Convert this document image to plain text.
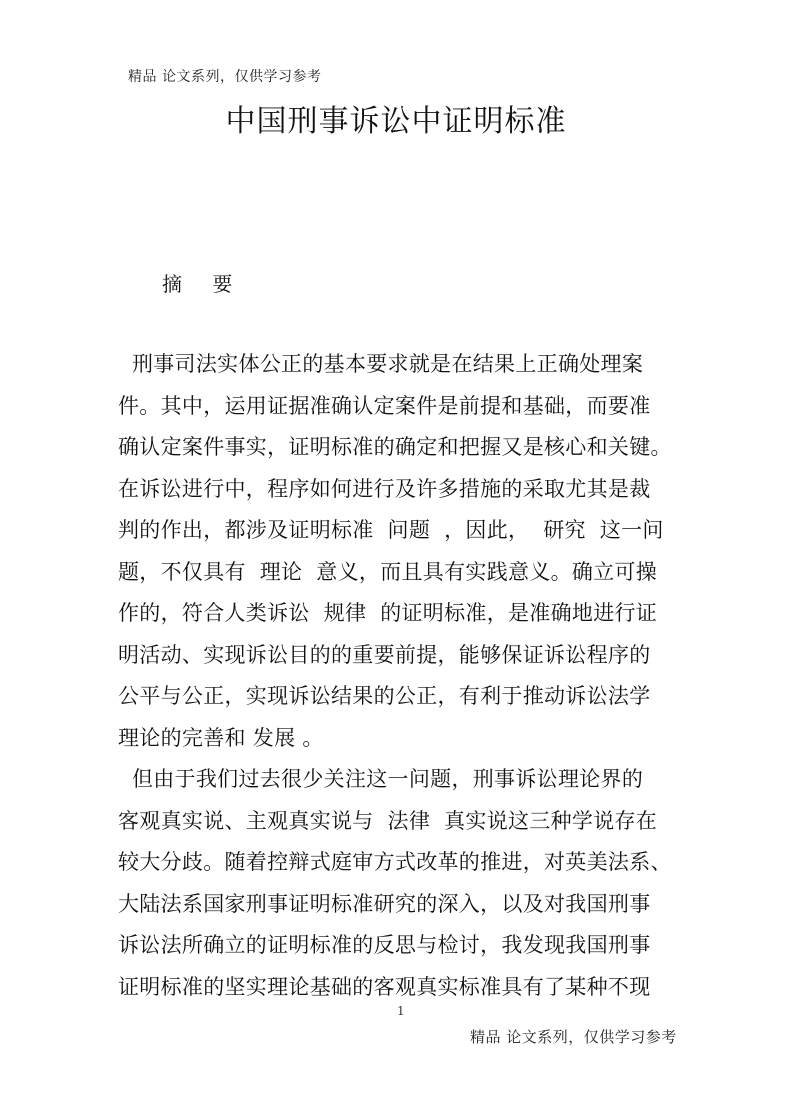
精品 论文系列，仅供学习参考
中国刑事诉讼中证明标准
摘 要
刑事司法实体公正的基本要求就是在结果上正确处理案
件。其中，运用证据准确认定案件是前提和基础，而要准
确认定案件事实，证明标准的确定和把握又是核心和关键。
在诉讼进行中，程序如何进行及许多措施的采取尤其是裁
判的作出，都涉及证明标准  问题  ，因此，  研究  这一问
题，不仅具有  理论  意义，而且具有实践意义。确立可操
作的，符合人类诉讼  规律  的证明标准，是准确地进行证
明活动、实现诉讼目的的重要前提，能够保证诉讼程序的
公平与公正，实现诉讼结果的公正，有利于推动诉讼法学
理论的完善和 发展 。
但由于我们过去很少关注这一问题，刑事诉讼理论界的
客观真实说、主观真实说与  法律  真实说这三种学说存在
较大分歧。随着控辩式庭审方式改革的推进，对英美法系、
大陆法系国家刑事证明标准研究的深入，以及对我国刑事
诉讼法所确立的证明标准的反思与检讨，我发现我国刑事
证明标准的坚实理论基础的客观真实标准具有了某种不现
1
精品 论文系列，仅供学习参考
